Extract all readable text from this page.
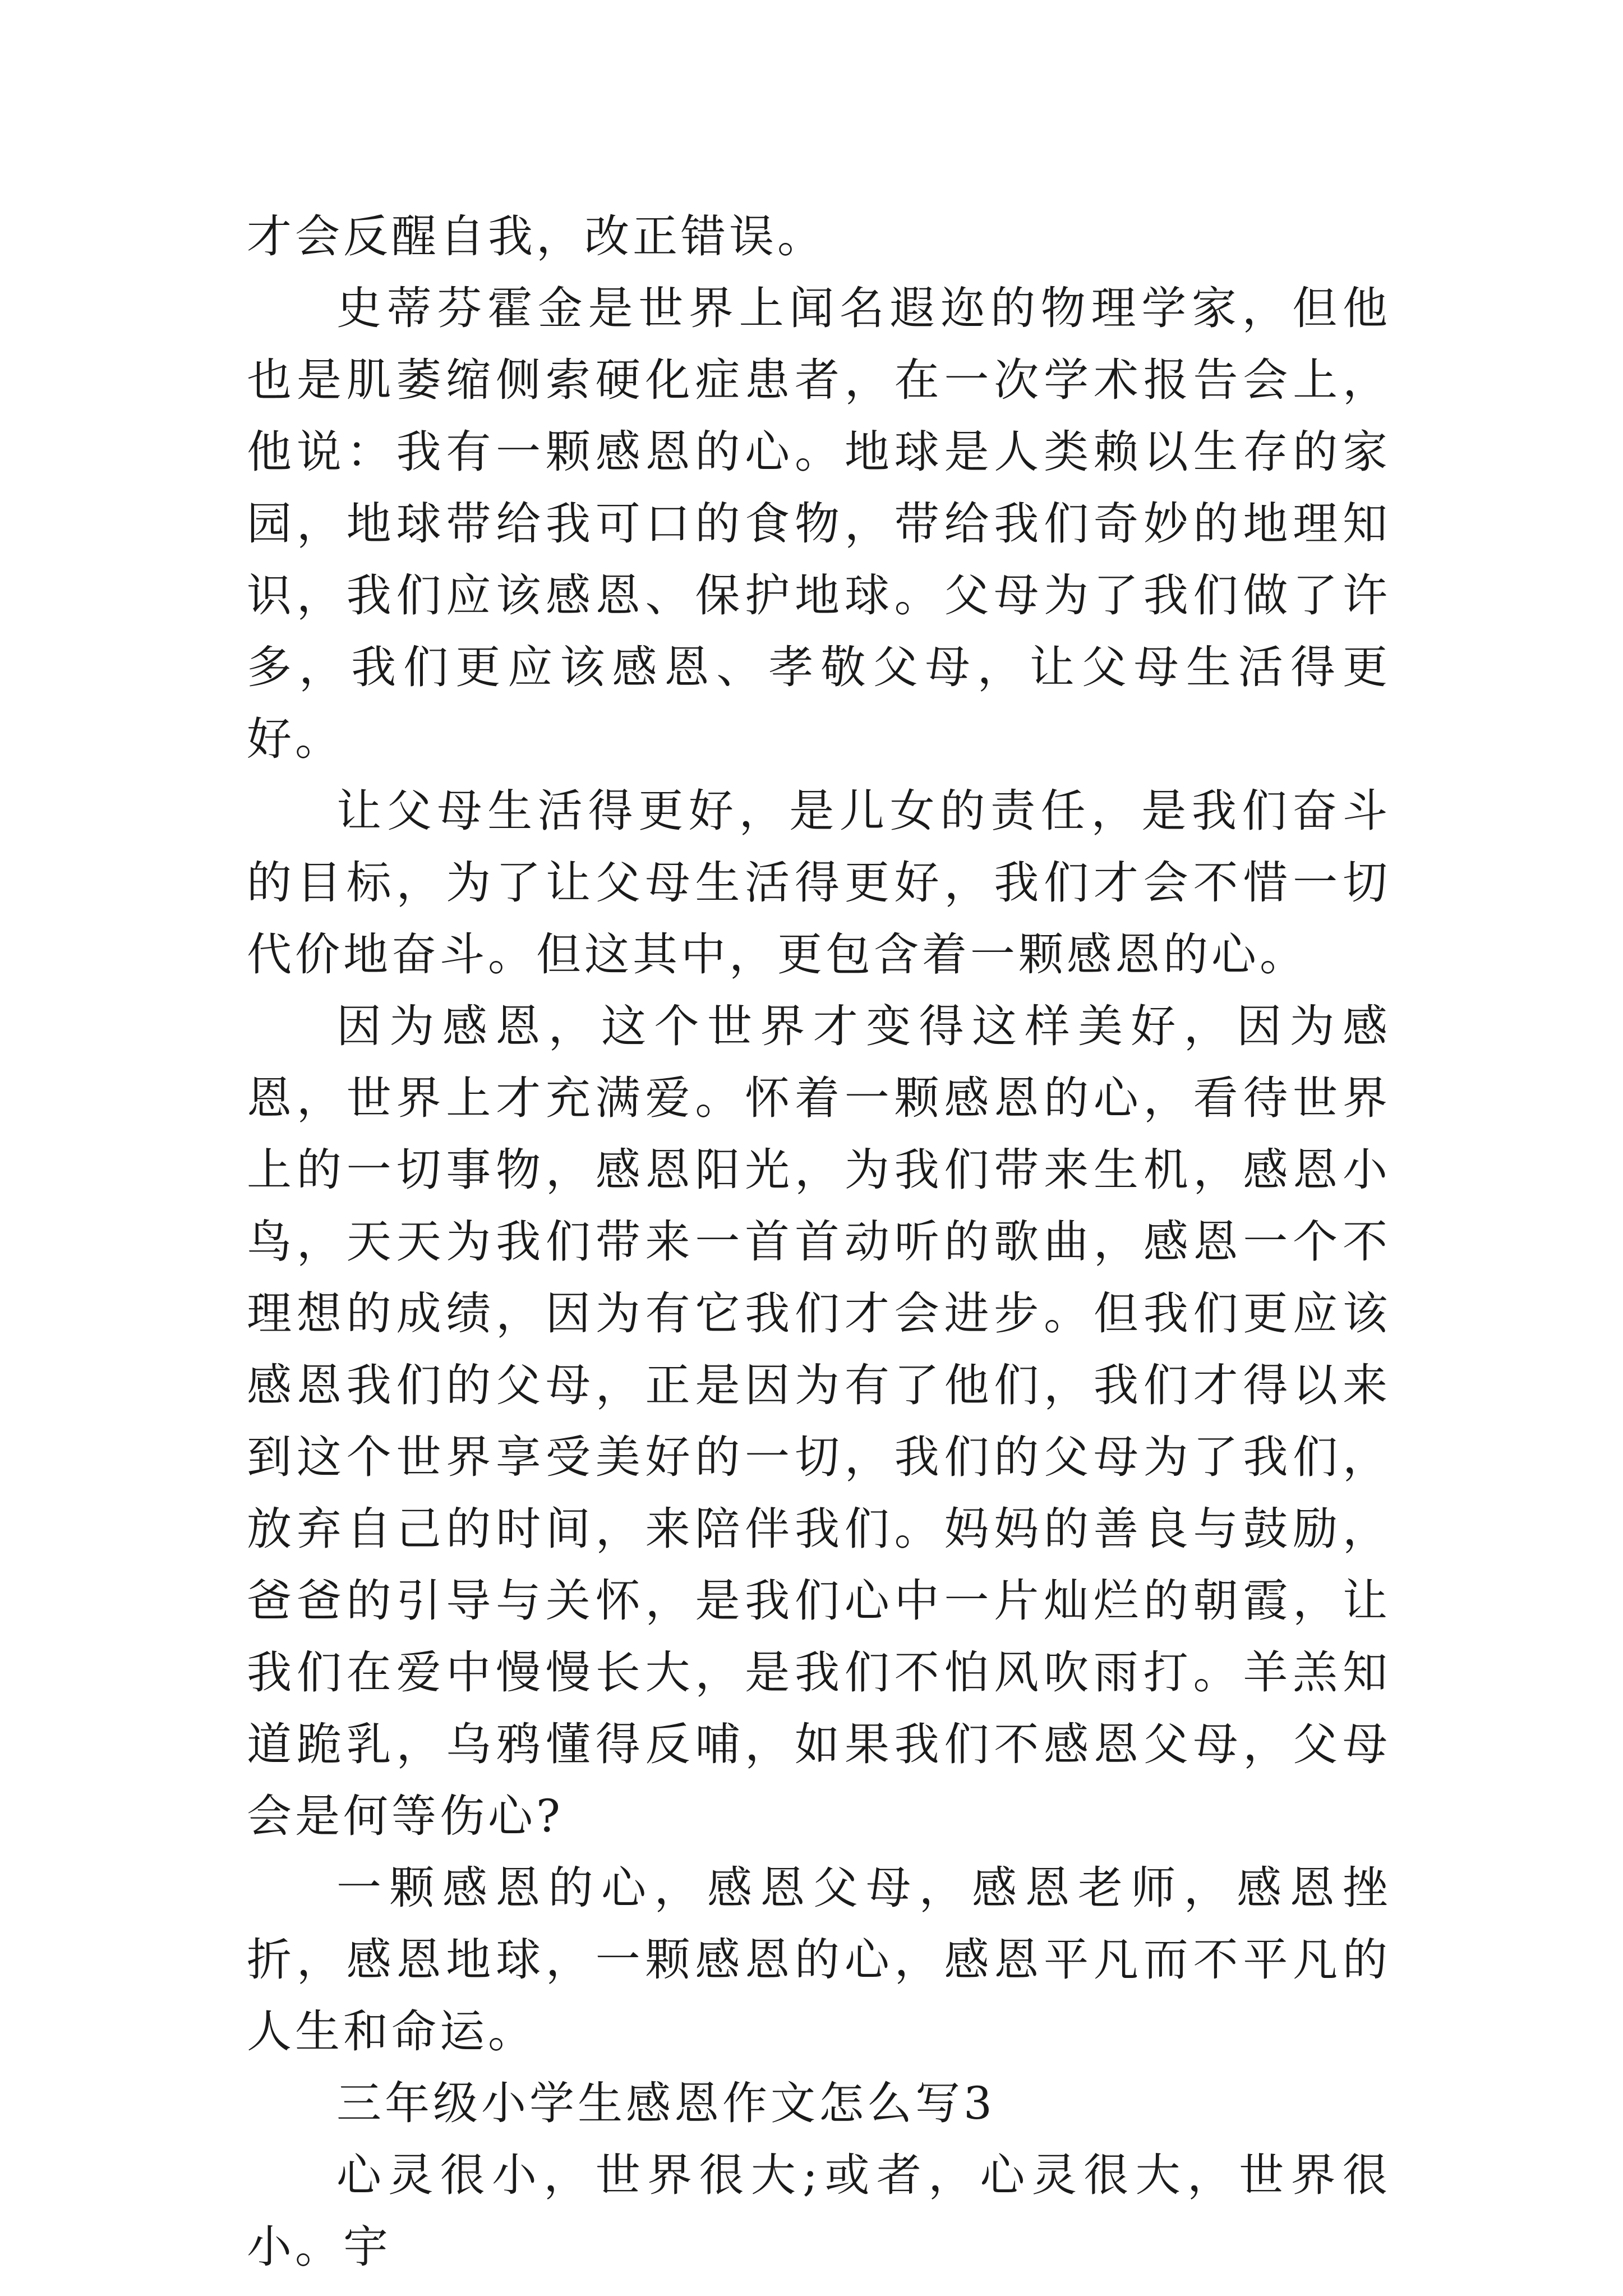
才会反醒自我，改正错误。

史蒂芬霍金是世界上闻名遐迩的物理学家，但他也是肌萎缩侧索硬化症患者，在一次学术报告会上，他说：我有一颗感恩的心。地球是人类赖以生存的家园，地球带给我可口的食物，带给我们奇妙的地理知识，我们应该感恩、保护地球。父母为了我们做了许多，我们更应该感恩、孝敬父母，让父母生活得更好。

让父母生活得更好，是儿女的责任，是我们奋斗的目标，为了让父母生活得更好，我们才会不惜一切代价地奋斗。但这其中，更包含着一颗感恩的心。

因为感恩，这个世界才变得这样美好，因为感恩，世界上才充满爱。怀着一颗感恩的心，看待世界上的一切事物，感恩阳光，为我们带来生机，感恩小鸟，天天为我们带来一首首动听的歌曲，感恩一个不理想的成绩，因为有它我们才会进步。但我们更应该感恩我们的父母，正是因为有了他们，我们才得以来到这个世界享受美好的一切，我们的父母为了我们，放弃自己的时间，来陪伴我们。妈妈的善良与鼓励，爸爸的引导与关怀，是我们心中一片灿烂的朝霞，让我们在爱中慢慢长大，是我们不怕风吹雨打。羊羔知道跪乳，乌鸦懂得反哺，如果我们不感恩父母，父母会是何等伤心?

一颗感恩的心，感恩父母，感恩老师，感恩挫折，感恩地球，一颗感恩的心，感恩平凡而不平凡的人生和命运。

三年级小学生感恩作文怎么写3

心灵很小，世界很大;或者，心灵很大，世界很小。宇
